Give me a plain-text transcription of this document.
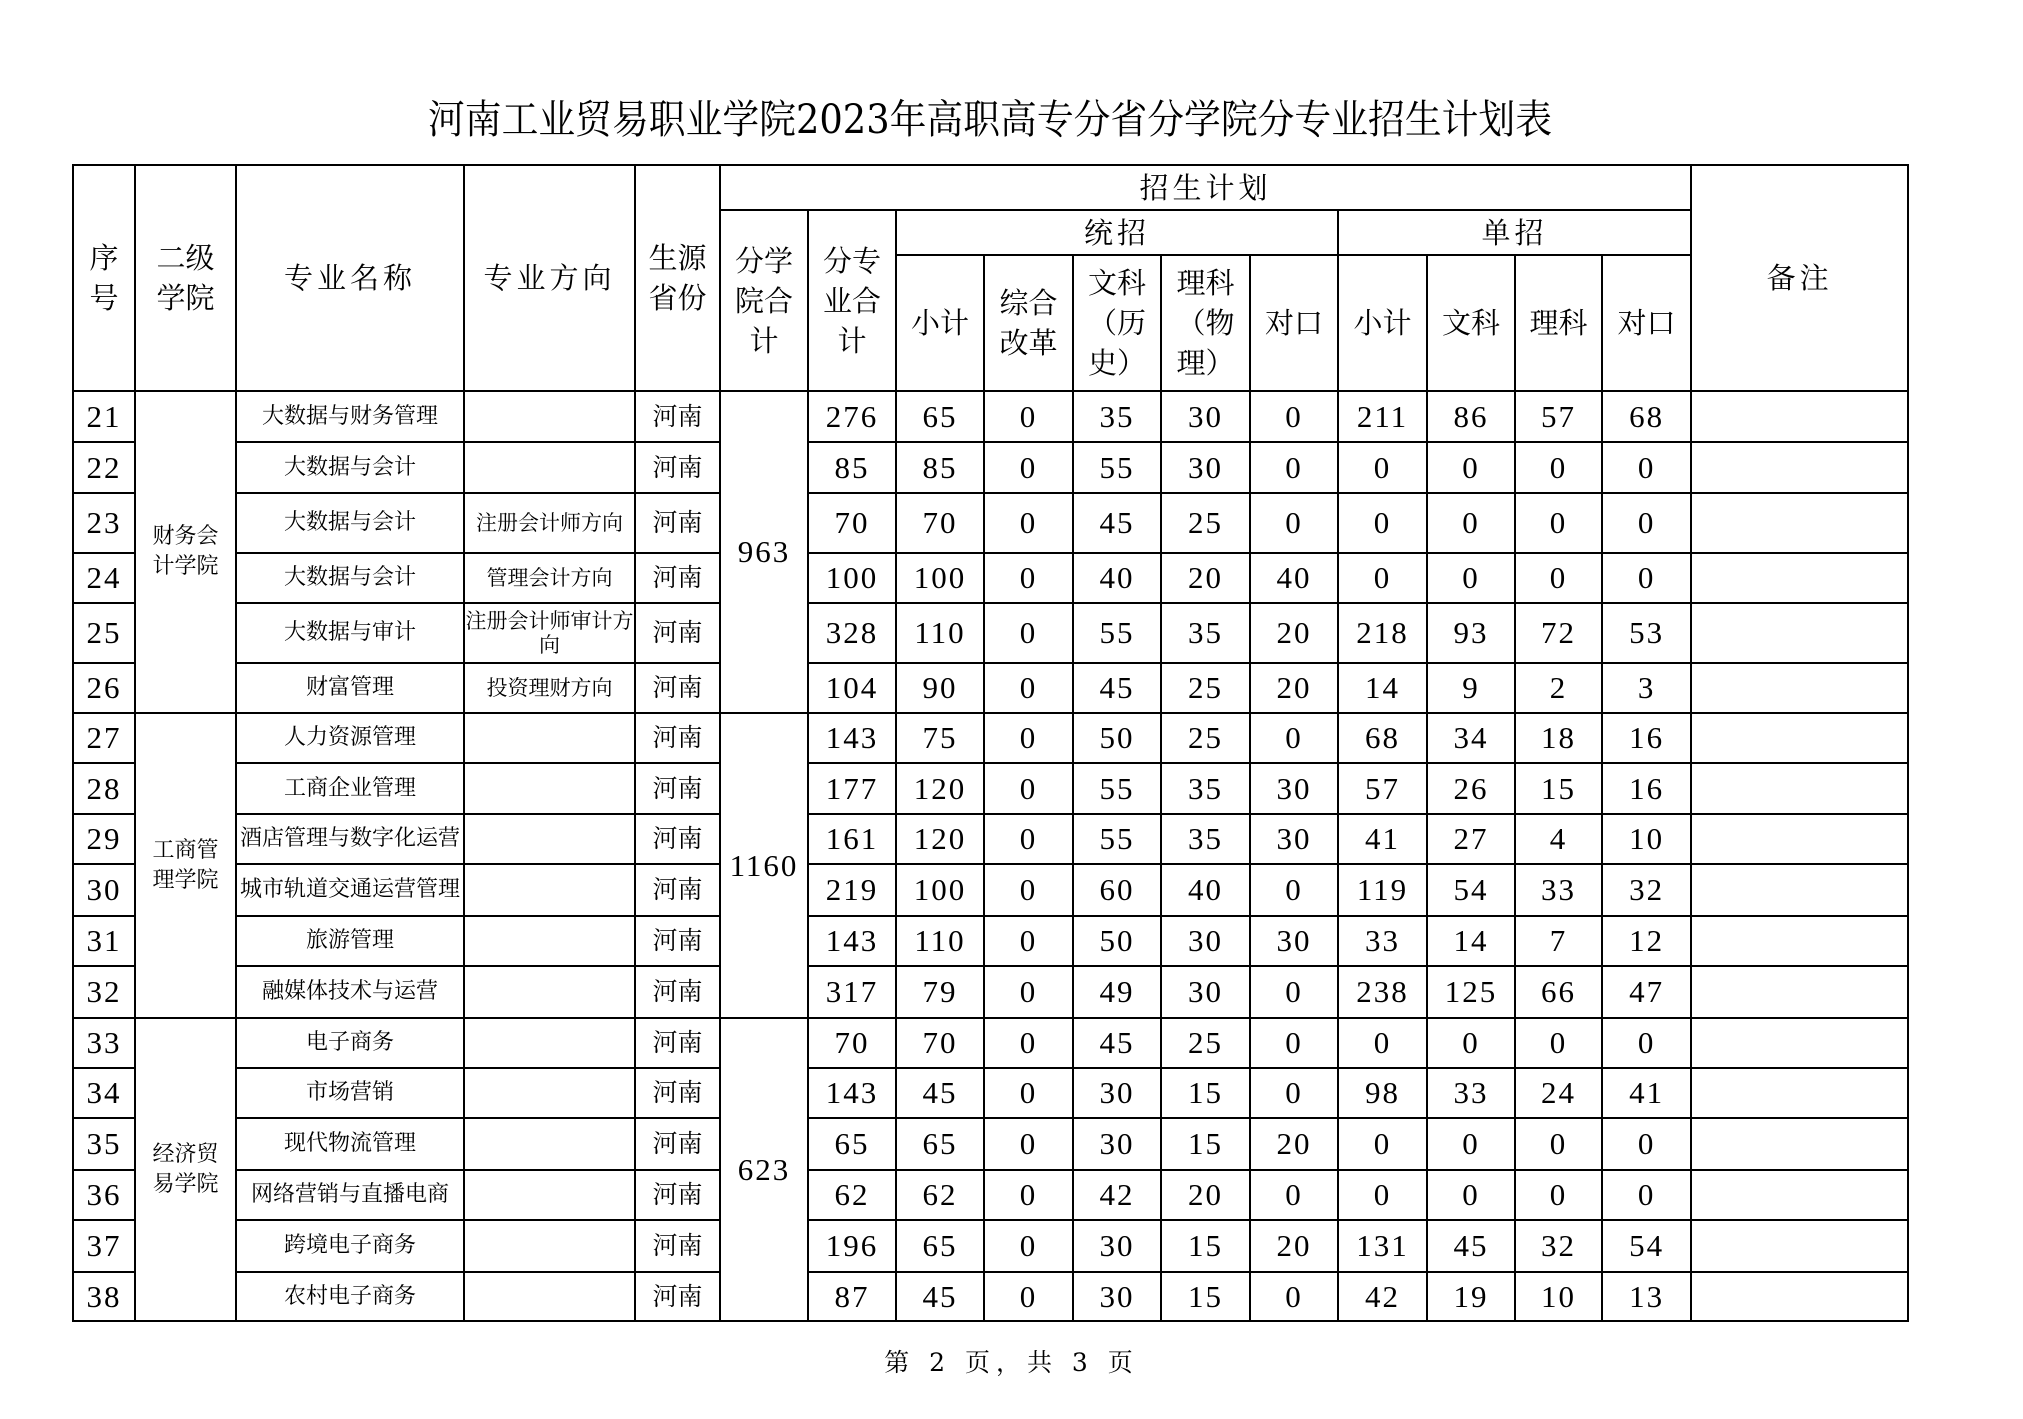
河南工业贸易职业学院2023年高职高专分省分学院分专业招生计划表
序号	二级学院	专业名称	专业方向	生源省份	招生计划											备注
					分学院合计	分专业合计	统招					单招				
							小计	综合改革	文科（历史）	理科（物理）	对口	小计	文科	理科	对口	
21	财务会计学院	大数据与财务管理		河南	963	276	65	0	35	30	0	211	86	57	68	
22		大数据与会计		河南		85	85	0	55	30	0	0	0	0	0	
23		大数据与会计	注册会计师方向	河南		70	70	0	45	25	0	0	0	0	0	
24		大数据与会计	管理会计方向	河南		100	100	0	40	20	40	0	0	0	0	
25		大数据与审计	注册会计师审计方向	河南		328	110	0	55	35	20	218	93	72	53	
26		财富管理	投资理财方向	河南		104	90	0	45	25	20	14	9	2	3	
27	工商管理学院	人力资源管理		河南	1160	143	75	0	50	25	0	68	34	18	16	
28		工商企业管理		河南		177	120	0	55	35	30	57	26	15	16	
29		酒店管理与数字化运营		河南		161	120	0	55	35	30	41	27	4	10	
30		城市轨道交通运营管理		河南		219	100	0	60	40	0	119	54	33	32	
31		旅游管理		河南		143	110	0	50	30	30	33	14	7	12	
32		融媒体技术与运营		河南		317	79	0	49	30	0	238	125	66	47	
33	经济贸易学院	电子商务		河南	623	70	70	0	45	25	0	0	0	0	0	
34		市场营销		河南		143	45	0	30	15	0	98	33	24	41	
35		现代物流管理		河南		65	65	0	30	15	20	0	0	0	0	
36		网络营销与直播电商		河南		62	62	0	42	20	0	0	0	0	0	
37		跨境电子商务		河南		196	65	0	30	15	20	131	45	32	54	
38		农村电子商务		河南		87	45	0	30	15	0	42	19	10	13	
第 2 页，共 3 页
